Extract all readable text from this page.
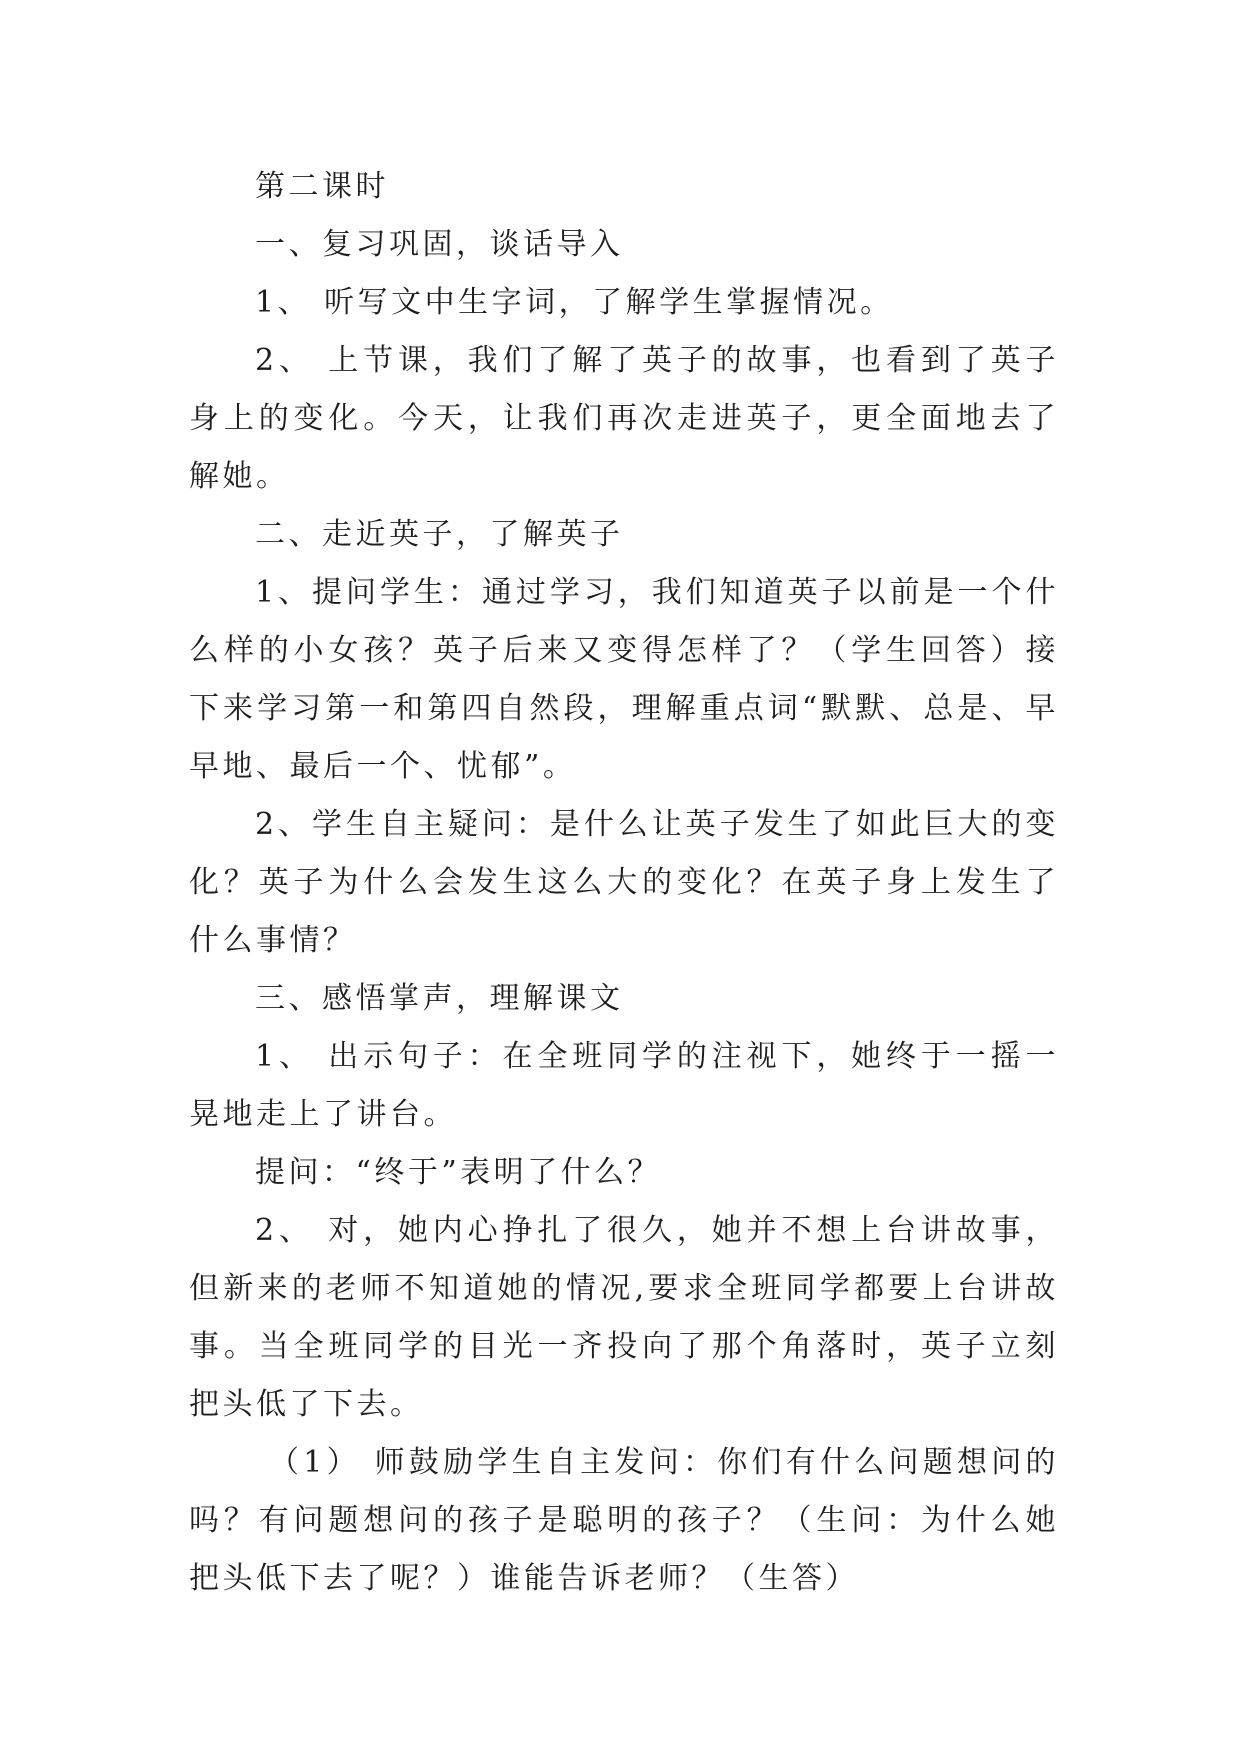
第二课时

一、复习巩固，谈话导入

1、 听写文中生字词，了解学生掌握情况。

2、 上节课，我们了解了英子的故事，也看到了英子身上的变化。今天，让我们再次走进英子，更全面地去了解她。

二、走近英子，了解英子

1、提问学生：通过学习，我们知道英子以前是一个什么样的小女孩？英子后来又变得怎样了？（学生回答）接下来学习第一和第四自然段，理解重点词“默默、总是、早早地、最后一个、忧郁”。

2、学生自主疑问：是什么让英子发生了如此巨大的变化？英子为什么会发生这么大的变化？在英子身上发生了什么事情？

三、感悟掌声，理解课文

1、 出示句子：在全班同学的注视下，她终于一摇一晃地走上了讲台。

提问：“终于”表明了什么？

2、 对，她内心挣扎了很久，她并不想上台讲故事，但新来的老师不知道她的情况,要求全班同学都要上台讲故事。当全班同学的目光一齐投向了那个角落时，英子立刻把头低了下去。

（1） 师鼓励学生自主发问：你们有什么问题想问的吗？有问题想问的孩子是聪明的孩子？（生问：为什么她把头低下去了呢？）谁能告诉老师？（生答）
